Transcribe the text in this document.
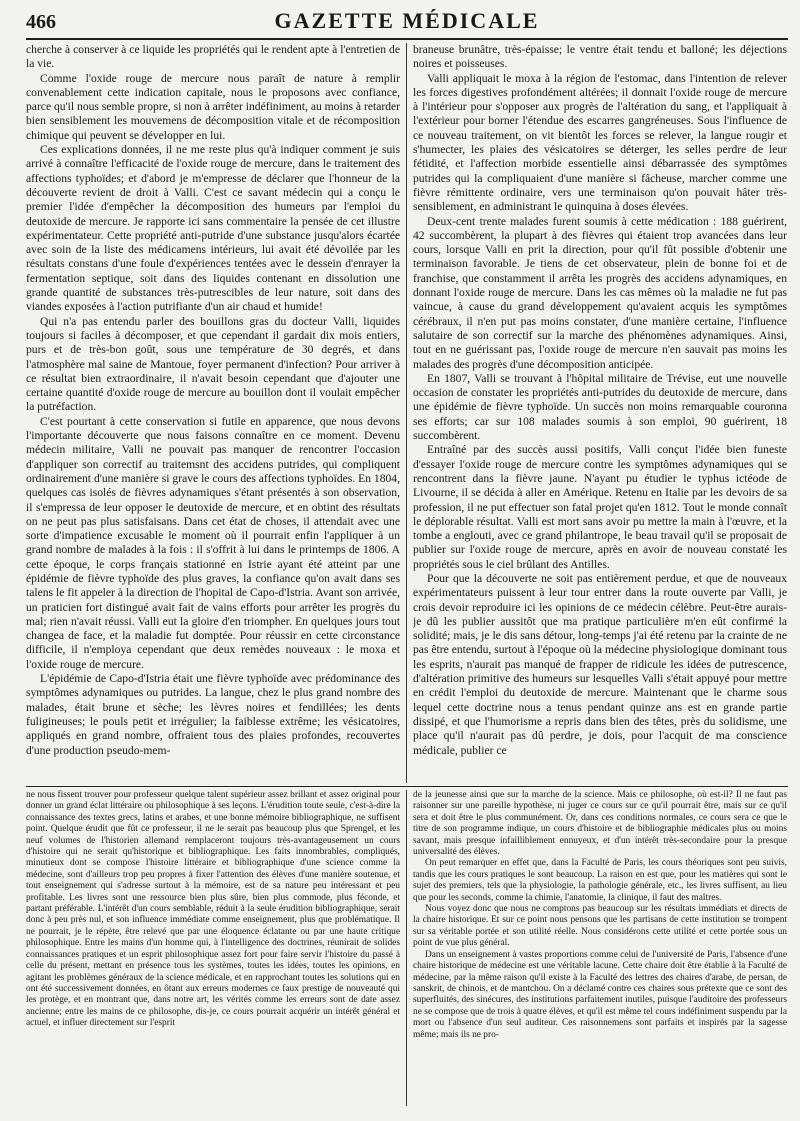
466	GAZETTE MÉDICALE

cherche à conserver à ce liquide les propriétés qui le rendent apte à l'entretien de la vie.

Comme l'oxide rouge de mercure nous paraît de nature à remplir convenablement cette indication capitale, nous le proposons avec confiance, parce qu'il nous semble propre, si non à arrêter indéfiniment, au moins à retarder bien sensiblement les mouvemens de décomposition vitale et de récomposition chimique qui peuvent se développer en lui.

Ces explications données, il ne me reste plus qu'à indiquer comment je suis arrivé à connaître l'efficacité de l'oxide rouge de mercure, dans le traitement des affections typhoïdes; et d'abord je m'empresse de déclarer que l'honneur de la découverte revient de droit à Valli. C'est ce savant médecin qui a conçu le premier l'idée d'empêcher la décomposition des humeurs par l'emploi du deutoxide de mercure. Je rapporte ici sans commentaire la pensée de cet illustre expérimentateur. Cette propriété anti-putride d'une substance jusqu'alors écartée avec soin de la liste des médicamens intérieurs, lui avait été dévoilée par les résultats constans d'une foule d'expériences tentées avec le dessein d'enrayer la fermentation septique, soit dans des liquides contenant en dissolution une grande quantité de substances très-putrescibles de leur nature, soit dans des viandes exposées à l'action putrifiante d'un air chaud et humide!

Qui n'a pas entendu parler des bouillons gras du docteur Valli, liquides toujours si faciles à décomposer, et que cependant il gardait dix mois entiers, purs et de très-bon goût, sous une température de 30 degrés, et dans l'atmosphère mal saine de Mantoue, foyer permanent d'infection? Pour arriver à ce résultat bien extraordinaire, il n'avait besoin cependant que d'ajouter une certaine quantité d'oxide rouge de mercure au bouillon dont il voulait empêcher la putréfaction.

C'est pourtant à cette conservation si futile en apparence, que nous devons l'importante découverte que nous faisons connaître en ce moment. Devenu médecin militaire, Valli ne pouvait pas manquer de rencontrer l'occasion d'appliquer son correctif au traitemsnt des accidens putrides, qui compliquent ordinairement d'une manière si grave le cours des affections typhoïdes. En 1804, quelques cas isolés de fièvres adynamiques s'étant présentés à son observation, il s'empressa de leur opposer le deutoxide de mercure, et en obtint des résultats on ne peut pas plus satisfaisans. Dans cet état de choses, il attendait avec une sorte d'impatience excusable le moment où il pourrait enfin l'appliquer à un grand nombre de malades à la fois : il s'offrit à lui dans le printemps de 1806. A cette époque, le corps français stationné en Istrie ayant été atteint par une épidémie de fièvre typhoïde des plus graves, la confiance qu'on avait dans ses talens le fit appeler à la direction de l'hopital de Capo-d'Istria. Avant son arrivée, un praticien fort distingué avait fait de vains efforts pour arrêter les progrès du mal; rien n'avait réussi. Valli eut la gloire d'en triompher. En quelques jours tout changea de face, et la maladie fut domptée. Pour réussir en cette circonstance difficile, il n'employa cependant que deux remèdes nouveaux : le moxa et l'oxide rouge de mercure.

L'épidémie de Capo-d'Istria était une fièvre typhoïde avec prédominance des symptômes adynamiques ou putrides. La langue, chez le plus grand nombre des malades, était brune et sèche; les lèvres noires et fendillées; les dents fuligineuses; le pouls petit et irrégulier; la faiblesse extrême; les vésicatoires, appliqués en grand nombre, offraient tous des plaies profondes, recouvertes d'une production pseudo-mem-

braneuse brunâtre, très-épaisse; le ventre était tendu et balloné; les déjections noires et poisseuses.

Valli appliquait le moxa à la région de l'estomac, dans l'intention de relever les forces digestives profondément altérées; il donnait l'oxide rouge de mercure à l'intérieur pour s'opposer aux progrès de l'altération du sang, et l'appliquait à l'extérieur pour borner l'étendue des escarres gangréneuses. Sous l'influence de ce nouveau traitement, on vit bientôt les forces se relever, la langue rougir et s'humecter, les plaies des vésicatoires se déterger, les selles perdre de leur fétidité, et l'affection morbide essentielle ainsi débarrassée des symptômes putrides qui la compliquaient d'une manière si fâcheuse, marcher comme une fièvre rémittente ordinaire, vers une terminaison qu'on pouvait hâter très-sensiblement, en administrant le quinquina à doses élevées.

Deux-cent trente malades furent soumis à cette médication : 188 guérirent, 42 succombèrent, la plupart à des fièvres qui étaient trop avancées dans leur cours, lorsque Valli en prit la direction, pour qu'il fût possible d'obtenir une terminaison favorable. Je tiens de cet observateur, plein de bonne foi et de franchise, que constamment il arrêta les progrès des accidens adynamiques, en donnant l'oxide rouge de mercure. Dans les cas mêmes où la maladie ne fut pas vaincue, à cause du grand développement qu'avaient acquis les symptômes cérébraux, il n'en put pas moins constater, d'une manière certaine, l'influence salutaire de son correctif sur la marche des phénomènes adynamiques. Ainsi, tout en ne guérissant pas, l'oxide rouge de mercure n'en sauvait pas moins les malades des progrès d'une décomposition anticipée.

En 1807, Valli se trouvant à l'hôpital militaire de Trévise, eut une nouvelle occasion de constater les propriétés anti-putrides du deutoxide de mercure, dans une épidémie de fièvre typhoïde. Un succès non moins remarquable couronna ses efforts; car sur 108 malades soumis à son emploi, 90 guérirent, 18 succombèrent.

Entraîné par des succès aussi positifs, Valli conçut l'idée bien funeste d'essayer l'oxide rouge de mercure contre les symptômes adynamiques qui se rencontrent dans la fièvre jaune. N'ayant pu étudier le typhus ictéode de Livourne, il se décida à aller en Amérique. Retenu en Italie par les devoirs de sa profession, il ne put effectuer son fatal projet qu'en 1812. Tout le monde connaît le déplorable résultat. Valli est mort sans avoir pu mettre la main à l'œuvre, et la tombe a englouti, avec ce grand philantrope, le beau travail qu'il se proposait de publier sur l'oxide rouge de mercure, après en avoir de nouveau constaté les propriétés sous le ciel brûlant des Antilles.

Pour que la découverte ne soit pas entièrement perdue, et que de nouveaux expérimentateurs puissent à leur tour entrer dans la route ouverte par Valli, je crois devoir reproduire ici les opinions de ce médecin célèbre. Peut-être aurais-je dû les publier aussitôt que ma pratique particulière m'en eût confirmé la solidité; mais, je le dis sans détour, long-temps j'ai été retenu par la crainte de ne pas être entendu, surtout à l'époque où la médecine physiologique dominant tous les esprits, n'aurait pas manqué de frapper de ridicule les idées de putrescence, d'altération primitive des humeurs sur lesquelles Valli s'était appuyé pour mettre en crédit l'emploi du deutoxide de mercure. Maintenant que le charme sous lequel cette doctrine nous a tenus pendant quinze ans est en grande partie dissipé, et que l'humorisme a repris dans bien des têtes, près du solidisme, une place qu'il n'aurait pas dû perdre, je dois, pour l'acquit de ma conscience médicale, publier ce

ne nous fissent trouver pour professeur quelque talent supérieur assez brillant et assez original pour donner un grand éclat littéraire ou philosophique à ses leçons. L'érudition toute seule, c'est-à-dire la connaissance des textes grecs, latins et arabes, et une bonne mémoire bibliographique, ne suffisent point. Quelque érudit que fût ce professeur, il ne le serait pas beaucoup plus que Sprengel, et les neuf volumes de l'historien allemand remplaceront toujours très-avantageusement un cours d'histoire qui ne serait qu'historique et bibliographique. Les faits innombrables, compliqués, minutieux dont se compose l'histoire littéraire et bibliographique d'une science comme la médecine, sont d'ailleurs trop peu propres à fixer l'attention des élèves d'une manière soutenue, et tout enseignement qui s'adresse surtout à la mémoire, est de sa nature peu intéressant et peu profitable. Les livres sont une ressource bien plus sûre, bien plus commode, plus féconde, et partant préférable. L'intérêt d'un cours semblable, réduit à la seule érudition bibliographique, serait donc à peu près nul, et son influence immédiate comme enseignement, plus que problématique. Il ne pourrait, je le répète, être relevé que par une éloquence éclatante ou par une haute critique philosophique. Entre les mains d'un homme qui, à l'intelligence des doctrines, réunirait de solides connaissances pratiques et un esprit philosophique assez fort pour faire servir l'histoire du passé à celle du présent, mettant en présence tous les systèmes, toutes les idées, toutes les opinions, en agitant les problèmes généraux de la science médicale, et en rapprochant toutes les solutions qui en ont été successivement données, en ôtant aux erreurs modernes ce faux prestige de nouveauté qui les protège, et en montrant que, dans notre art, les vérités comme les erreurs sont de date assez ancienne; entre les mains de ce philosophe, dis-je, ce cours pourrait acquérir un intérêt général et actuel, et influer directement sur l'esprit

de la jeunesse ainsi que sur la marche de la science. Mais ce philosophe, où est-il? Il ne faut pas raisonner sur une pareille hypothèse, ni juger ce cours sur ce qu'il pourrait être, mais sur ce qu'il sera et doit être le plus communément. Or, dans ces conditions normales, ce cours sera ce que le titre de son programme indique, un cours d'histoire et de bibliographie médicales plus ou moins savant, mais presque infailliblement ennuyeux, et d'un intérêt très-secondaire pour la presque universalité des élèves.

On peut remarquer en effet que, dans la Faculté de Paris, les cours théoriques sont peu suivis, tandis que les cours pratiques le sont beaucoup. La raison en est que, pour les matières qui sont le sujet des premiers, tels que la physiologie, la pathologie générale, etc., les livres suffisent, au lieu que pour les seconds, comme la chimie, l'anatomie, la clinique, il faut des maîtres.

Nous voyez donc que nous ne comptons pas beaucoup sur les résultats immédiats et directs de la chaire historique. Et sur ce point nous pensons que les partisans de cette institution se trompent sur sa véritable portée et son utilité réelle. Nous considérons cette utilité et cette portée sous un point de vue plus général.

Dans un enseignement à vastes proportions comme celui de l'université de Paris, l'absence d'une chaire historique de médecine est une véritable lacune. Cette chaire doit être établie à la Faculté de médecine, par la même raison qu'il existe à la Faculté des lettres des chaires d'arabe, de persan, de sanskrit, de chinois, et de mantchou. On a déclamé contre ces chaires sous prétexte que ce sont des superfluités, des sinécures, des institutions parfaitement inutiles, puisque l'auditoire des professeurs ne se compose que de trois à quatre élèves, et qu'il est même tel cours indéfiniment suspendu par la mort ou l'absence d'un seul auditeur. Ces raisonnemens sont parfaits et inspirés par la sagesse même; mais ils ne pro-
